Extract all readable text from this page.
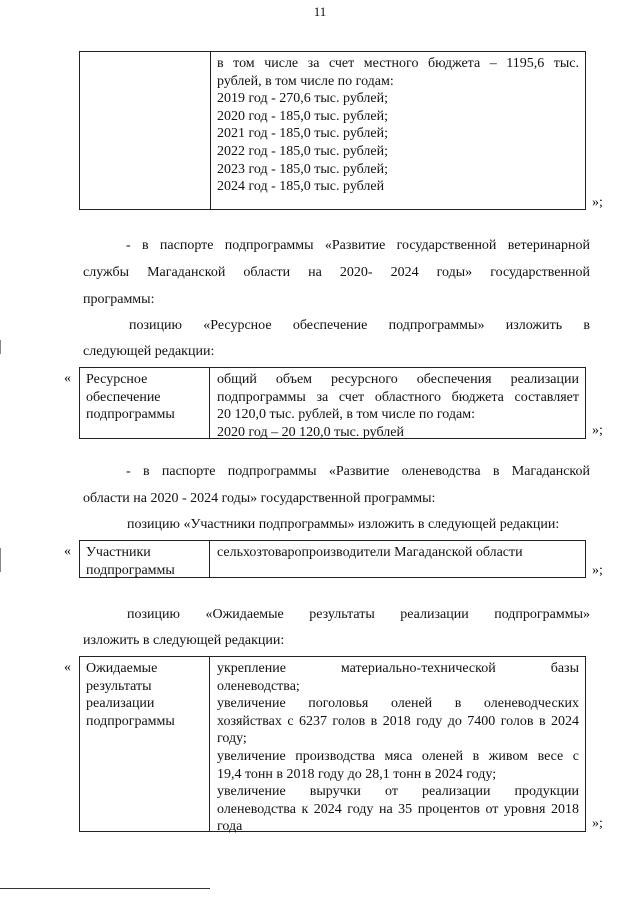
11
в том числе за счет местного бюджета – 1195,6 тыс.
рублей, в том числе по годам:
2019 год - 270,6 тыс. рублей;
2020 год - 185,0 тыс. рублей;
2021 год - 185,0 тыс. рублей;
2022 год - 185,0 тыс. рублей;
2023 год - 185,0 тыс. рублей;
2024 год - 185,0 тыс. рублей
»;
- в паспорте подпрограммы «Развитие государственной ветеринарной
службы Магаданской области на 2020- 2024 годы» государственной
программы:
позицию «Ресурсное обеспечение подпрограммы» изложить в
следующей редакции:
« Ресурсное
обеспечение
подпрограммы
общий объем ресурсного обеспечения реализации
подпрограммы за счет областного бюджета составляет
20 120,0 тыс. рублей, в том числе по годам:
2020 год – 20 120,0 тыс. рублей	»;
- в паспорте подпрограммы «Развитие оленеводства в Магаданской
области на 2020 - 2024 годы» государственной программы:
позицию «Участники подпрограммы» изложить в следующей редакции:
« Участники
подпрограммы
сельхозтоваропроизводители Магаданской области
»;
позицию «Ожидаемые результаты реализации подпрограммы»
изложить в следующей редакции:
« Ожидаемые
результаты
реализации
подпрограммы
укрепление материально-технической базы
оленеводства;
увеличение поголовья оленей в оленеводческих
хозяйствах с 6237 голов в 2018 году до 7400 голов в 2024
году;
увеличение производства мяса оленей в живом весе с
19,4 тонн в 2018 году до 28,1 тонн в 2024 году;
увеличение выручки от реализации продукции
оленеводства к 2024 году на 35 процентов от уровня 2018
года	»;
